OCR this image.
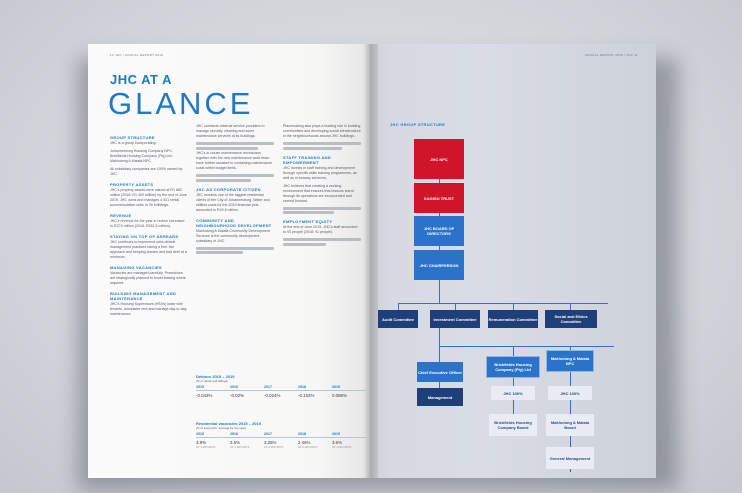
10 JHC | ANNUAL REPORT 2019
JHC AT A
GLANCE
GROUP STRUCTURE

JHC is a group incorporating:

Johannesburg Housing Company NPC; Brickfields Housing Company (Pty) Ltd; Makhulong A Matala NPC.

All subsidiary companies are 100% owned by JHC.

PROPERTY ASSETS

JHC's property assets were valued at R1 882 million (2018: R1 490 million) by the end of June 2019. JHC owns and manages 4 531 rental accommodation units in 39 buildings.

REVENUE

JHC's revenue for the year in review increased to R274 million (2018: R261.5 million).

STAYING ON TOP OF ARREARS

JHC continues to implement strict default management practices taking a firm, fair approach and keeping arrears and bad debt at a minimum.

MANAGING VACANCIES

Vacancies are managed carefully. Promotions are strategically planned to boost leasing where required.

BUILDING MANAGEMENT AND MAINTENANCE

JHC's Housing Supervisors (HSVs) liaise with tenants, administer rent and manage day-to-day maintenance.

JHC contracts external service providers to manage security, cleaning and some maintenance services at its buildings.

JHC's in-house maintenance technicians together with the new maintenance work team have further assisted in containing maintenance costs within budget limits.

JHC AS CORPORATE CITIZEN

JHC remains one of the biggest residential clients of the City of Johannesburg. Water and utilities costs for the 2019 financial year amounted to R49.8 million.

COMMUNITY AND NEIGHBOURHOOD DEVELOPMENT

Makhulong A Matala Community Development Services is the community development subsidiary of JHC.

Placemaking also plays a leading role in building communities and developing social infrastructure in the neighbourhoods around JHC buildings.

STAFF TRAINING AND EMPOWERMENT

JHC invests in staff training and development through specific skills training programmes, as well as in bursary schemes.

JHC believes that creating a working environment that ensures that lessons learnt through its operations are incorporated and carried forward.

EMPLOYMENT EQUITY

At the end of June 2019, JHC's staff amounted to 93 people (2018: 91 people).

Debtors 2015 – 2019
(% of rental and billings)
2015	2016	2017	2018	2019
-0.043%	-0.02%	-0.024%	-0.153%	0.088%
Residential vacancies 2015 – 2019
(% of total units; average for the year)
2015	2016	2017	2018	2019
3.8%	3.5%	3.25%	2.46%	3.6%
OF 4 300 UNITS	OF 4 300 UNITS	OF 4 323 UNITS	OF 4 425 UNITS	OF 4 531 UNITS
ANNUAL REPORT 2019 | JHC 11
JHC GROUP STRUCTURE
JHC NPC
KAGISO TRUST
JHC BOARD OF DIRECTORS
JHC CHAIRPERSON
Audit Committee	Investment Committee	Remuneration Committee	Social and Ethics Committee
Chief Executive Officer
Management
Brickfields Housing Company (Pty) Ltd
JHC 100%
Brickfields Housing Company Board
Makhulong A Matala NPC
JHC 100%
Makhulong A Matala Board
General Management
